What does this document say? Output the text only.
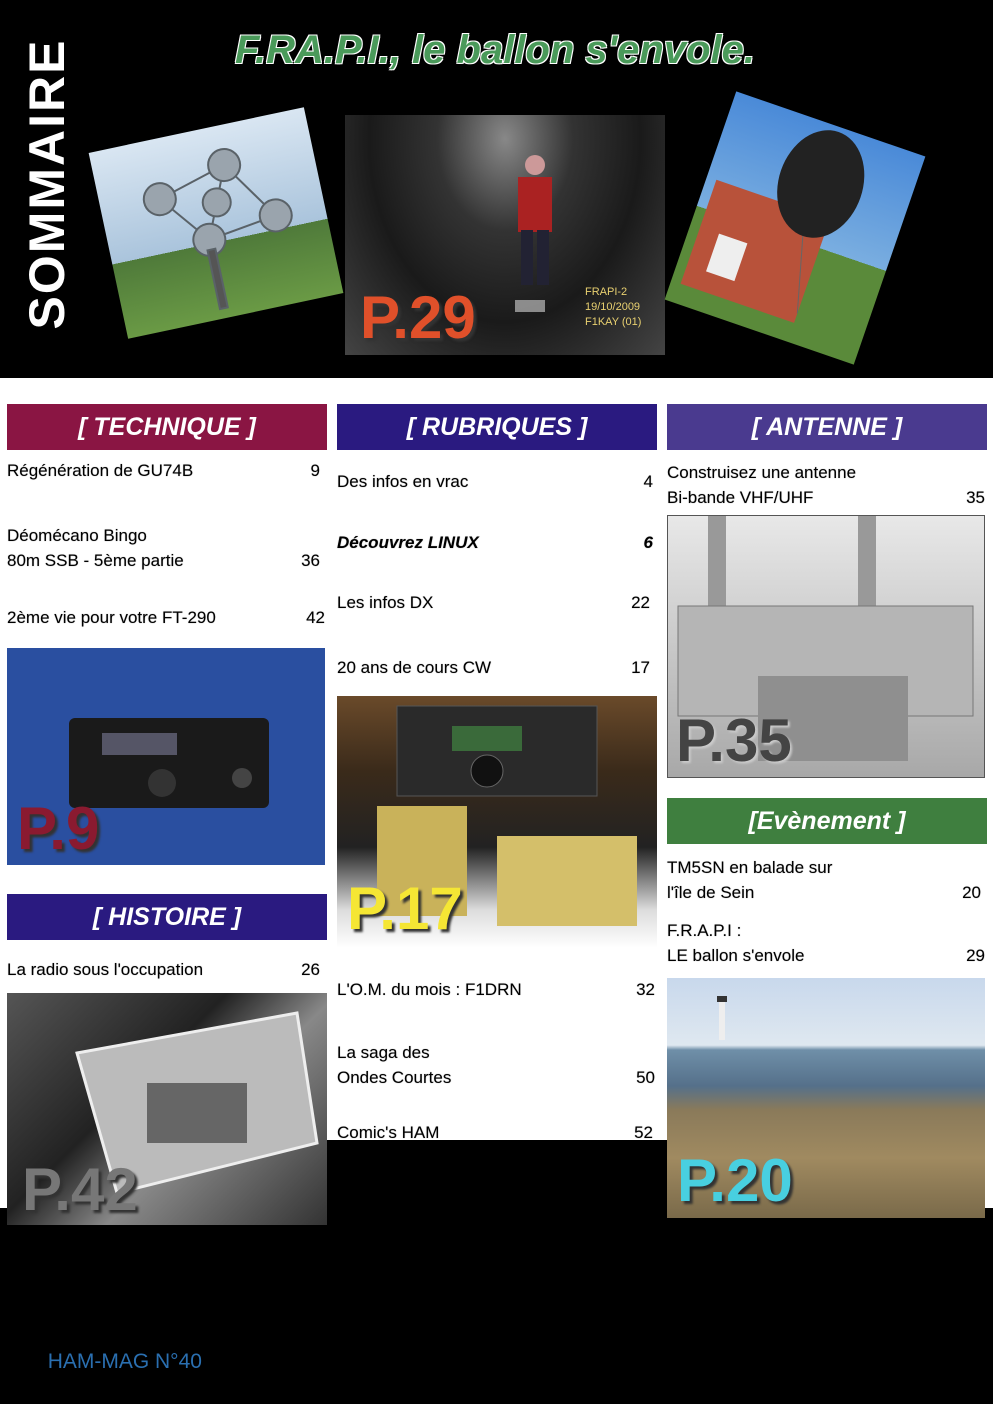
SOMMAIRE	F.RA.P.I., le ballon s'envole.
P.29	FRAPI-2
19/10/2009
F1KAY (01)
[ TECHNIQUE ]
Régénération de GU74B	9
Déomécano Bingo
80m SSB - 5ème partie	36
2ème vie pour votre FT-290	42
P.9
[ HISTOIRE ]
La radio sous l'occupation	26
P.42
[ RUBRIQUES ]
Des infos en vrac	4
Découvrez LINUX	6
Les infos DX	22
20 ans de cours CW	17
P.17
L'O.M. du mois : F1DRN	32
La saga des
Ondes Courtes	50
Comic's HAM	52
[ ANTENNE ]
Construisez une antenne
Bi-bande VHF/UHF	35
P.35
[Evènement ]
TM5SN en balade sur
l'île de Sein	20
F.R.A.P.I :
LE ballon s'envole	29
P.20
[ HAM-MAG N°40 - Janvier 2010 ]	3
